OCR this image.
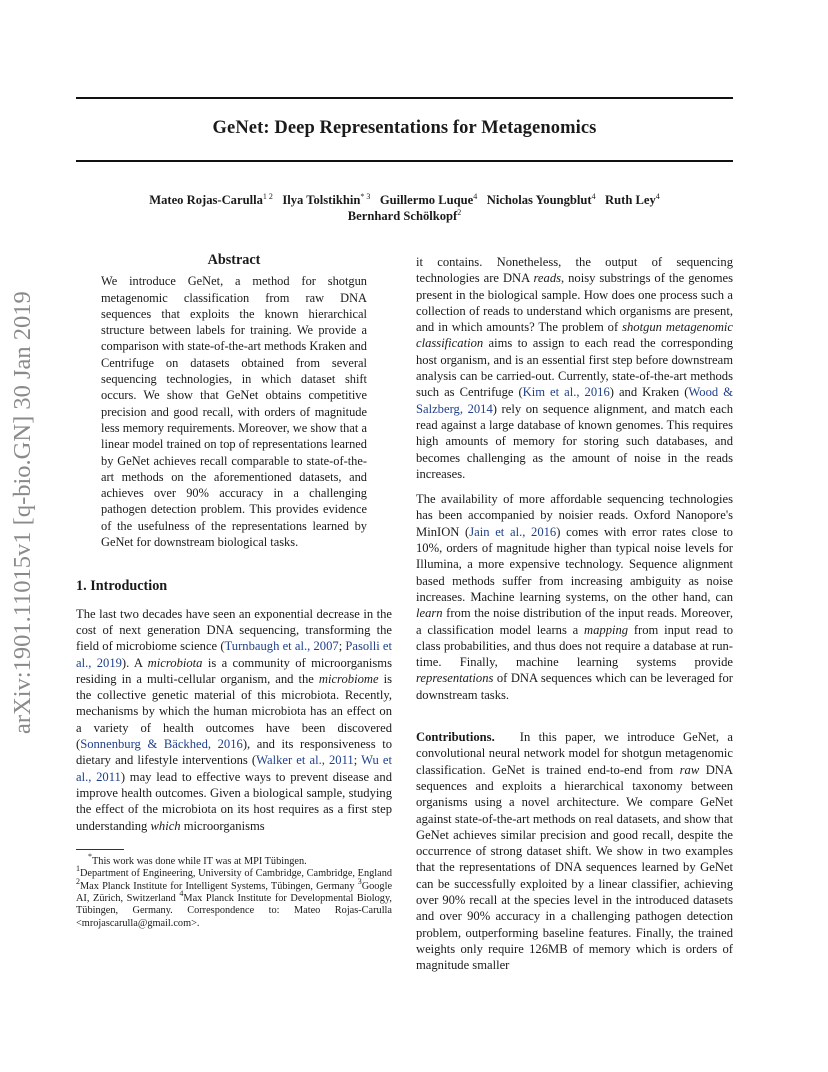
GeNet: Deep Representations for Metagenomics
Mateo Rojas-Carulla$^{1 2}$ Ilya Tolstikhin$^{* 3}$ Guillermo Luque$^4$ Nicholas Youngblut$^4$ Ruth Ley$^4$
Bernhard Schölkopf$^2$
arXiv:1901.11015v1 [q-bio.GN] 30 Jan 2019
Abstract

We introduce GeNet, a method for shotgun metagenomic classification from raw DNA sequences that exploits the known hierarchical structure between labels for training. We provide a comparison with state-of-the-art methods Kraken and Centrifuge on datasets obtained from several sequencing technologies, in which dataset shift occurs. We show that GeNet obtains competitive precision and good recall, with orders of magnitude less memory requirements. Moreover, we show that a linear model trained on top of representations learned by GeNet achieves recall comparable to state-of-the-art methods on the aforementioned datasets, and achieves over 90% accuracy in a challenging pathogen detection problem. This provides evidence of the usefulness of the representations learned by GeNet for downstream biological tasks.

1. Introduction

The last two decades have seen an exponential decrease in the cost of next generation DNA sequencing, transforming the field of microbiome science (Turnbaugh et al., 2007; Pasolli et al., 2019). A microbiota is a community of microorganisms residing in a multi-cellular organism, and the microbiome is the collective genetic material of this microbiota. Recently, mechanisms by which the human microbiota has an effect on a variety of health outcomes have been discovered (Sonnenburg & Bäckhed, 2016), and its responsiveness to dietary and lifestyle interventions (Walker et al., 2011; Wu et al., 2011) may lead to effective ways to prevent disease and improve health outcomes. Given a biological sample, studying the effect of the microbiota on its host requires as a first step understanding which microorganisms

*This work was done while IT was at MPI Tübingen.
$^1$Department of Engineering, University of Cambridge, Cambridge, England $^2$Max Planck Institute for Intelligent Systems, Tübingen, Germany $^3$Google AI, Zürich, Switzerland $^4$Max Planck Institute for Developmental Biology, Tübingen, Germany. Correspondence to: Mateo Rojas-Carulla <mrojascarulla@gmail.com>.

it contains. Nonetheless, the output of sequencing technologies are DNA reads, noisy substrings of the genomes present in the biological sample. How does one process such a collection of reads to understand which organisms are present, and in which amounts? The problem of shotgun metagenomic classification aims to assign to each read the corresponding host organism, and is an essential first step before downstream analysis can be carried-out. Currently, state-of-the-art methods such as Centrifuge (Kim et al., 2016) and Kraken (Wood & Salzberg, 2014) rely on sequence alignment, and match each read against a large database of known genomes. This requires high amounts of memory for storing such databases, and becomes challenging as the amount of noise in the reads increases.

The availability of more affordable sequencing technologies has been accompanied by noisier reads. Oxford Nanopore's MinION (Jain et al., 2016) comes with error rates close to 10%, orders of magnitude higher than typical noise levels for Illumina, a more expensive technology. Sequence alignment based methods suffer from increasing ambiguity as noise increases. Machine learning systems, on the other hand, can learn from the noise distribution of the input reads. Moreover, a classification model learns a mapping from input read to class probabilities, and thus does not require a database at run-time. Finally, machine learning systems provide representations of DNA sequences which can be leveraged for downstream tasks.

Contributions. In this paper, we introduce GeNet, a convolutional neural network model for shotgun metagenomic classification. GeNet is trained end-to-end from raw DNA sequences and exploits a hierarchical taxonomy between organisms using a novel architecture. We compare GeNet against state-of-the-art methods on real datasets, and show that GeNet achieves similar precision and good recall, despite the occurrence of strong dataset shift. We show in two examples that the representations of DNA sequences learned by GeNet can be successfully exploited by a linear classifier, achieving over 90% recall at the species level in the introduced datasets and over 90% accuracy in a challenging pathogen detection problem, outperforming baseline features. Finally, the trained weights only require 126MB of memory which is orders of magnitude smaller
